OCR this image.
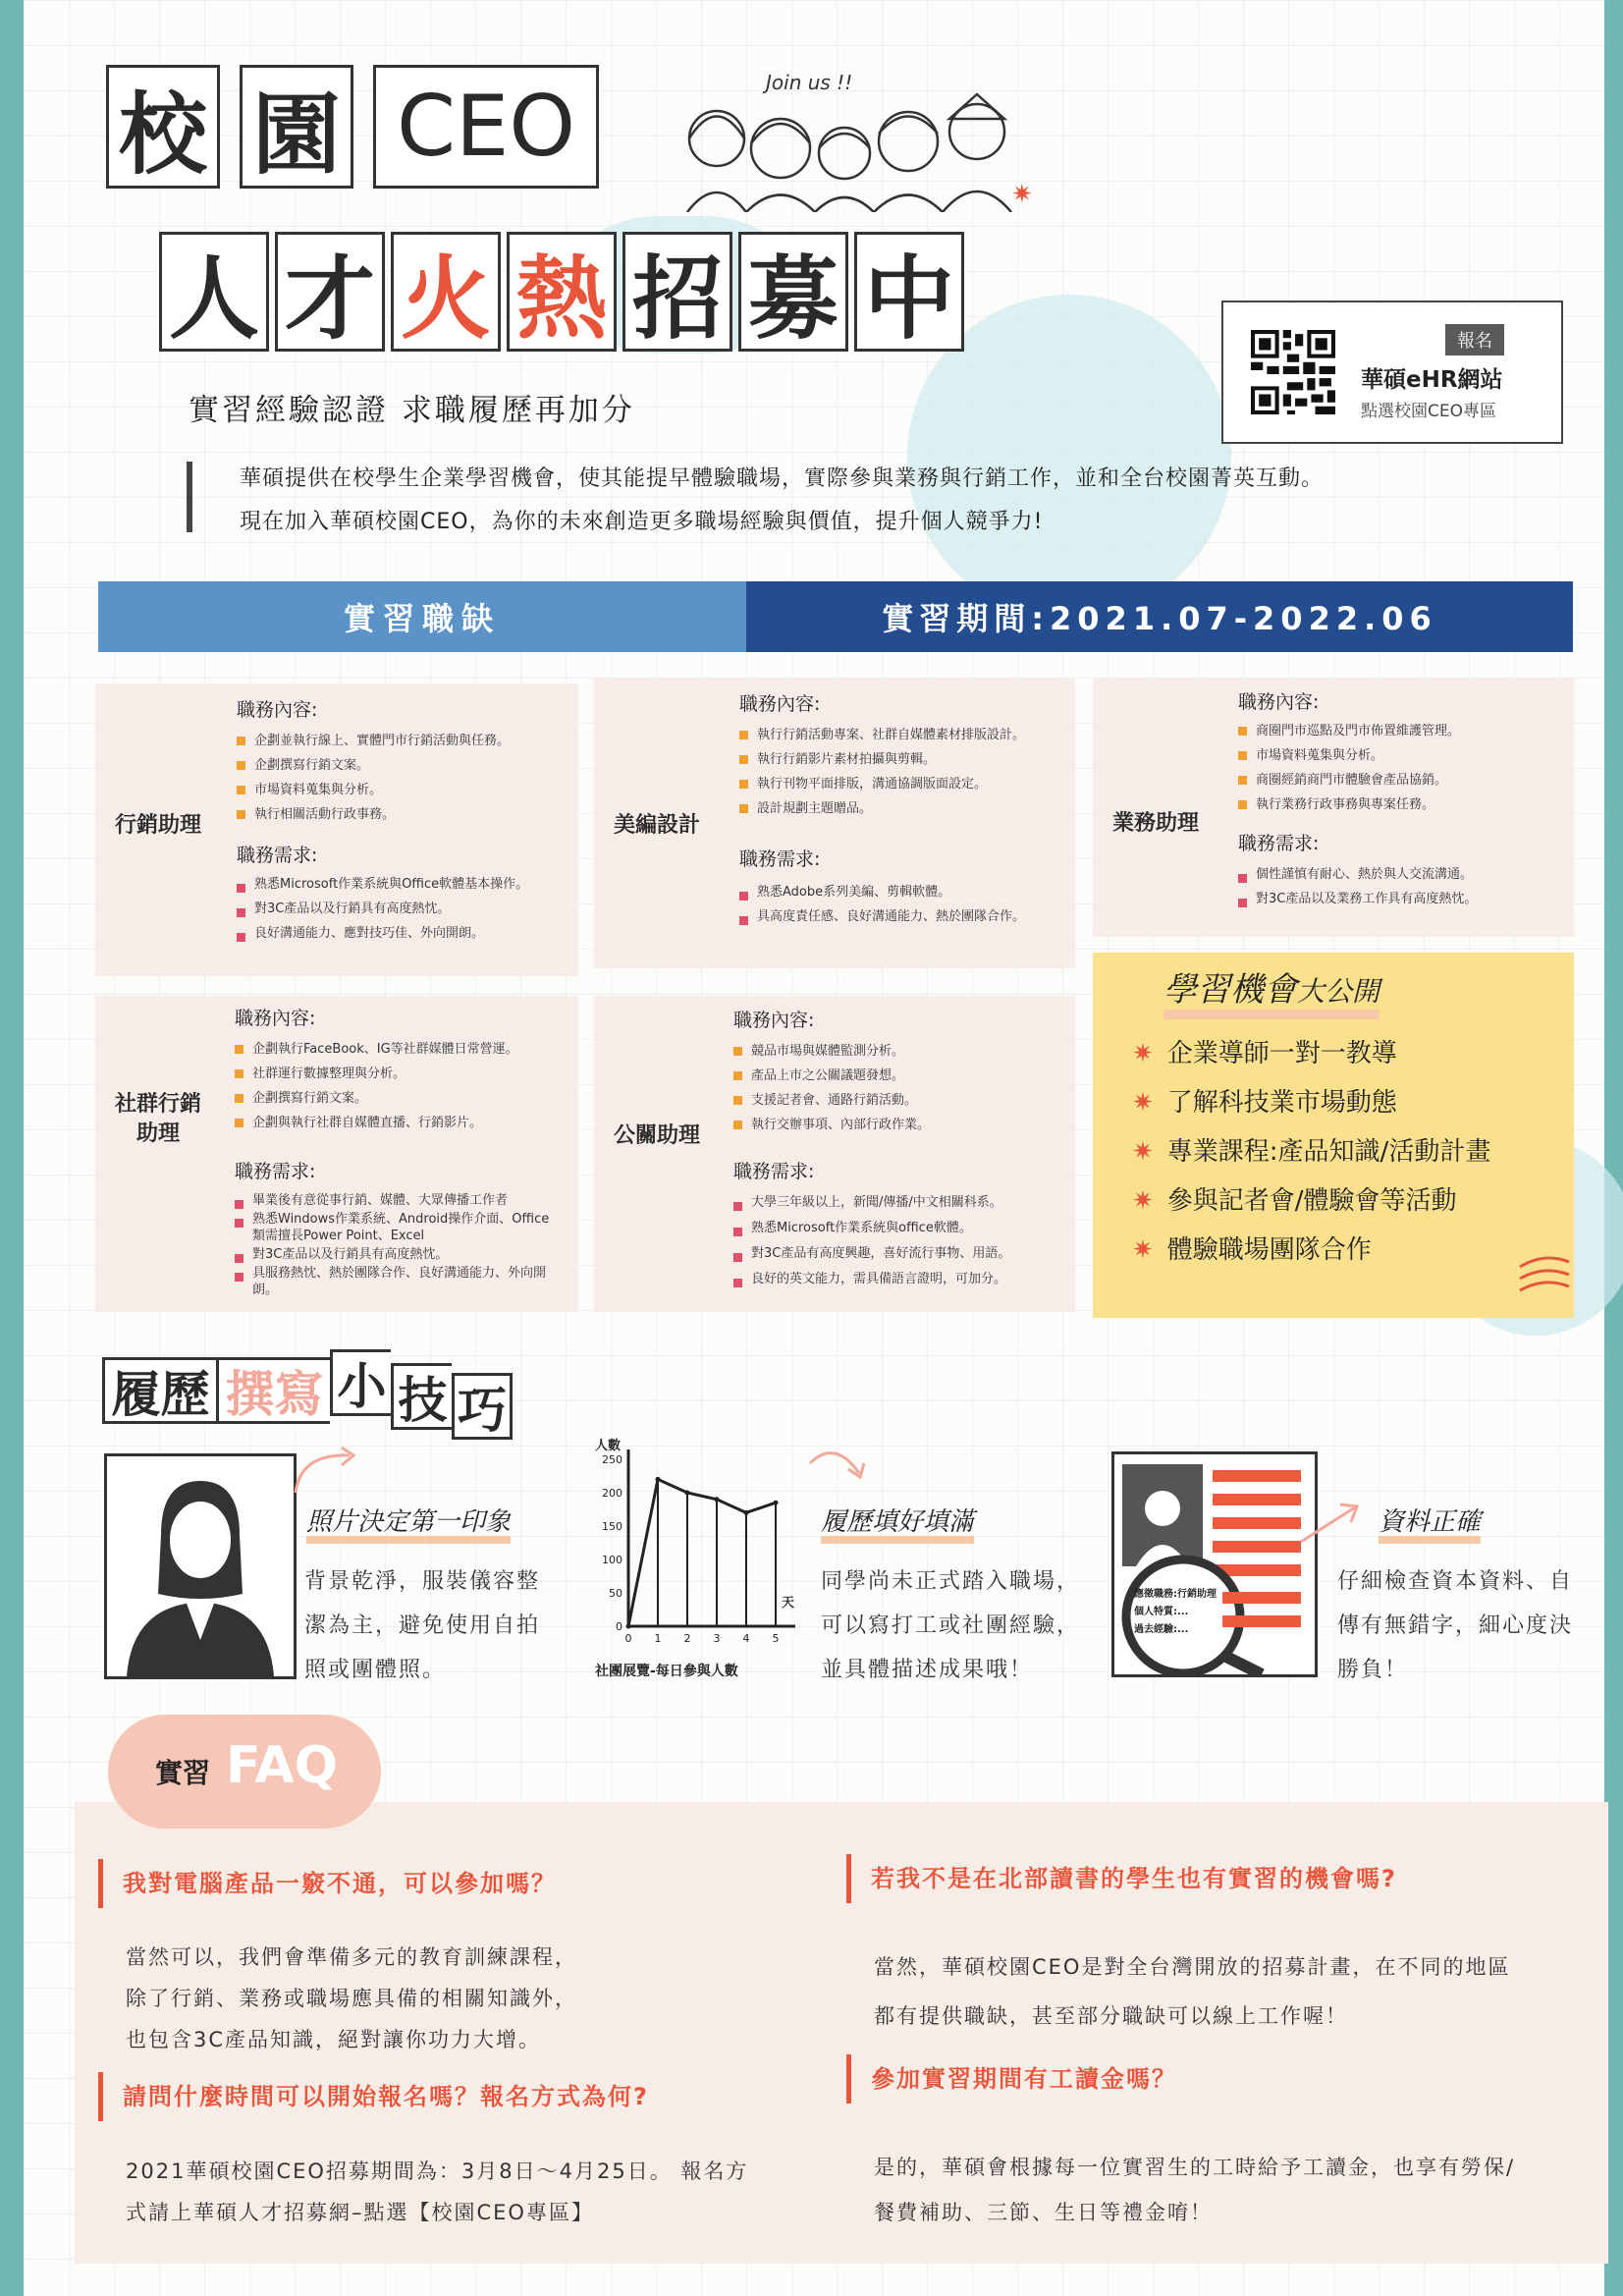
校 園 CEO	Join us !!
✷
人 才 火 熱 招 募 中
實習經驗認證 求職履歷再加分
報名
華碩eHR網站
點選校園CEO專區
華碩提供在校學生企業學習機會，使其能提早體驗職場，實際參與業務與行銷工作，並和全台校園菁英互動。
現在加入華碩校園CEO，為你的未來創造更多職場經驗與價值，提升個人競爭力!
實習職缺	實習期間:2021.07-2022.06
行銷助理
職務內容:
企劃並執行線上、實體門市行銷活動與任務。
企劃撰寫行銷文案。
市場資料蒐集與分析。
執行相關活動行政事務。
職務需求:
熟悉Microsoft作業系統與Office軟體基本操作。
對3C產品以及行銷具有高度熱忱。
良好溝通能力、應對技巧佳、外向開朗。
美編設計
職務內容:
執行行銷活動專案、社群自媒體素材排版設計。
執行行銷影片素材拍攝與剪輯。
執行刊物平面排版，溝通協調版面設定。
設計規劃主題贈品。
職務需求:
熟悉Adobe系列美編、剪輯軟體。
具高度責任感、良好溝通能力、熱於團隊合作。
業務助理
職務內容:
商圈門市巡點及門市佈置維護管理。
市場資料蒐集與分析。
商圈經銷商門市體驗會產品協銷。
執行業務行政事務與專案任務。
職務需求:
個性謹慎有耐心、熱於與人交流溝通。
對3C產品以及業務工作具有高度熱忱。
社群行銷助理
職務內容:
企劃執行FaceBook、IG等社群媒體日常營運。
社群運行數據整理與分析。
企劃撰寫行銷文案。
企劃與執行社群自媒體直播、行銷影片。
職務需求:
畢業後有意從事行銷、媒體、大眾傳播工作者
熟悉Windows作業系統、Android操作介面、Office類需擅長Power Point、Excel
對3C產品以及行銷具有高度熱忱。
具服務熱忱、熱於團隊合作、良好溝通能力、外向開朗。
公關助理
職務內容:
競品市場與媒體監測分析。
產品上市之公關議題發想。
支援記者會、通路行銷活動。
執行交辦事項、內部行政作業。
職務需求:
大學三年級以上，新聞/傳播/中文相關科系。
熟悉Microsoft作業系統與office軟體。
對3C產品有高度興趣，喜好流行事物、用語。
良好的英文能力，需具備語言證明，可加分。
學習機會大公開
✷ 企業導師一對一教導
✷ 了解科技業市場動態
✷ 專業課程:產品知識/活動計畫
✷ 參與記者會/體驗會等活動
✷ 體驗職場團隊合作
履 歷 撰 寫 小 技 巧
照片決定第一印象
背景乾淨，服裝儀容整
潔為主，避免使用自拍
照或團體照。
人數
天
社團展覽-每日參與人數
250
200
150
100
50
0
0 1 2 3 4 5
履歷填好填滿
同學尚未正式踏入職場，
可以寫打工或社團經驗，
並具體描述成果哦！
應徵職務:行銷助理
個人特質:...
過去經驗:...
資料正確
仔細檢查資本資料、自
傳有無錯字，細心度決
勝負！
實習 FAQ
我對電腦產品一竅不通，可以參加嗎？
當然可以，我們會準備多元的教育訓練課程，
除了行銷、業務或職場應具備的相關知識外，
也包含3C產品知識，絕對讓你功力大增。
若我不是在北部讀書的學生也有實習的機會嗎?
當然，華碩校園CEO是對全台灣開放的招募計畫，在不同的地區
都有提供職缺，甚至部分職缺可以線上工作喔！
請問什麼時間可以開始報名嗎？報名方式為何?
2021華碩校園CEO招募期間為：3月8日～4月25日。 報名方
式請上華碩人才招募網–點選【校園CEO專區】
參加實習期間有工讀金嗎？
是的，華碩會根據每一位實習生的工時給予工讀金，也享有勞保/
餐費補助、三節、生日等禮金唷！
